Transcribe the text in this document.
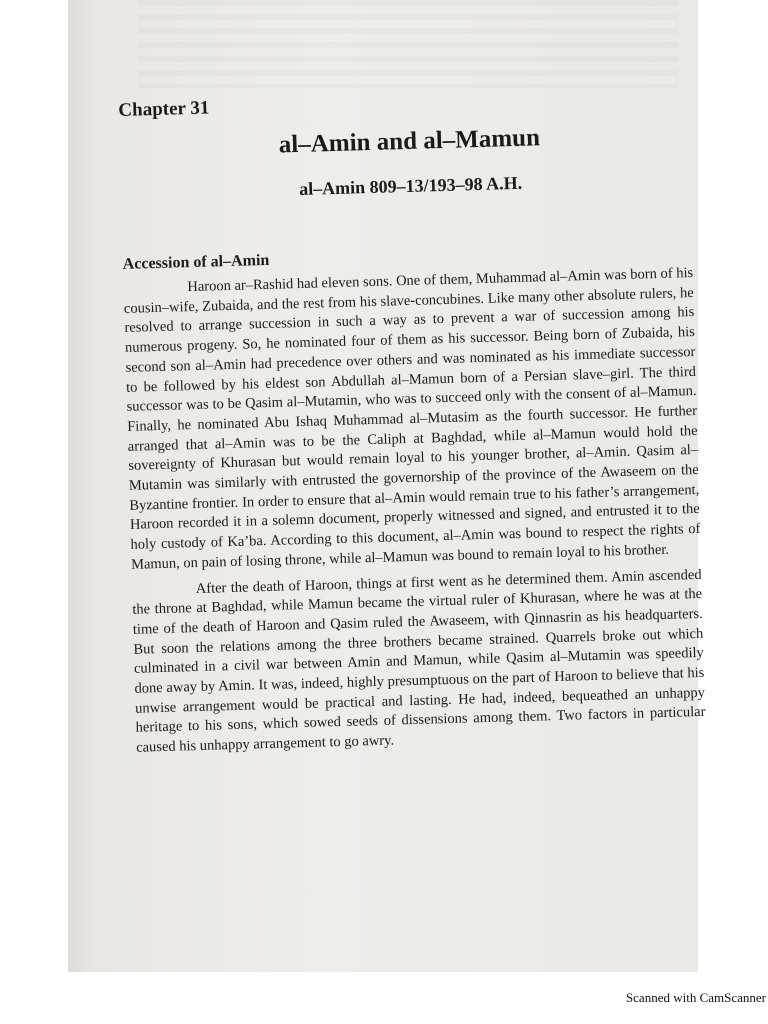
Chapter 31
al–Amin and al–Mamun
al–Amin 809–13/193–98 A.H.
Accession of al–Amin

Haroon ar–Rashid had eleven sons. One of them, Muhammad al–Amin was born of his cousin–wife, Zubaida, and the rest from his slave-concubines. Like many other absolute rulers, he resolved to arrange succession in such a way as to prevent a war of succession among his numerous progeny. So, he nominated four of them as his successor. Being born of Zubaida, his second son al–Amin had precedence over others and was nominated as his immediate successor to be followed by his eldest son Abdullah al–Mamun born of a Persian slave–girl. The third successor was to be Qasim al–Mutamin, who was to succeed only with the consent of al–Mamun. Finally, he nominated Abu Ishaq Muhammad al–Mutasim as the fourth successor. He further arranged that al–Amin was to be the Caliph at Baghdad, while al–Mamun would hold the sovereignty of Khurasan but would remain loyal to his younger brother, al–Amin. Qasim al–Mutamin was similarly with entrusted the governorship of the province of the Awaseem on the Byzantine frontier. In order to ensure that al–Amin would remain true to his father’s arrangement, Haroon recorded it in a solemn document, properly witnessed and signed, and entrusted it to the holy custody of Ka’ba. According to this document, al–Amin was bound to respect the rights of Mamun, on pain of losing throne, while al–Mamun was bound to remain loyal to his brother.

After the death of Haroon, things at first went as he determined them. Amin ascended the throne at Baghdad, while Mamun became the virtual ruler of Khurasan, where he was at the time of the death of Haroon and Qasim ruled the Awaseem, with Qinnasrin as his headquarters. But soon the relations among the three brothers became strained. Quarrels broke out which culminated in a civil war between Amin and Mamun, while Qasim al–Mutamin was speedily done away by Amin. It was, indeed, highly presumptuous on the part of Haroon to believe that his unwise arrangement would be practical and lasting. He had, indeed, bequeathed an unhappy heritage to his sons, which sowed seeds of dissensions among them. Two factors in particular caused his unhappy arrangement to go awry.

Scanned with CamScanner
